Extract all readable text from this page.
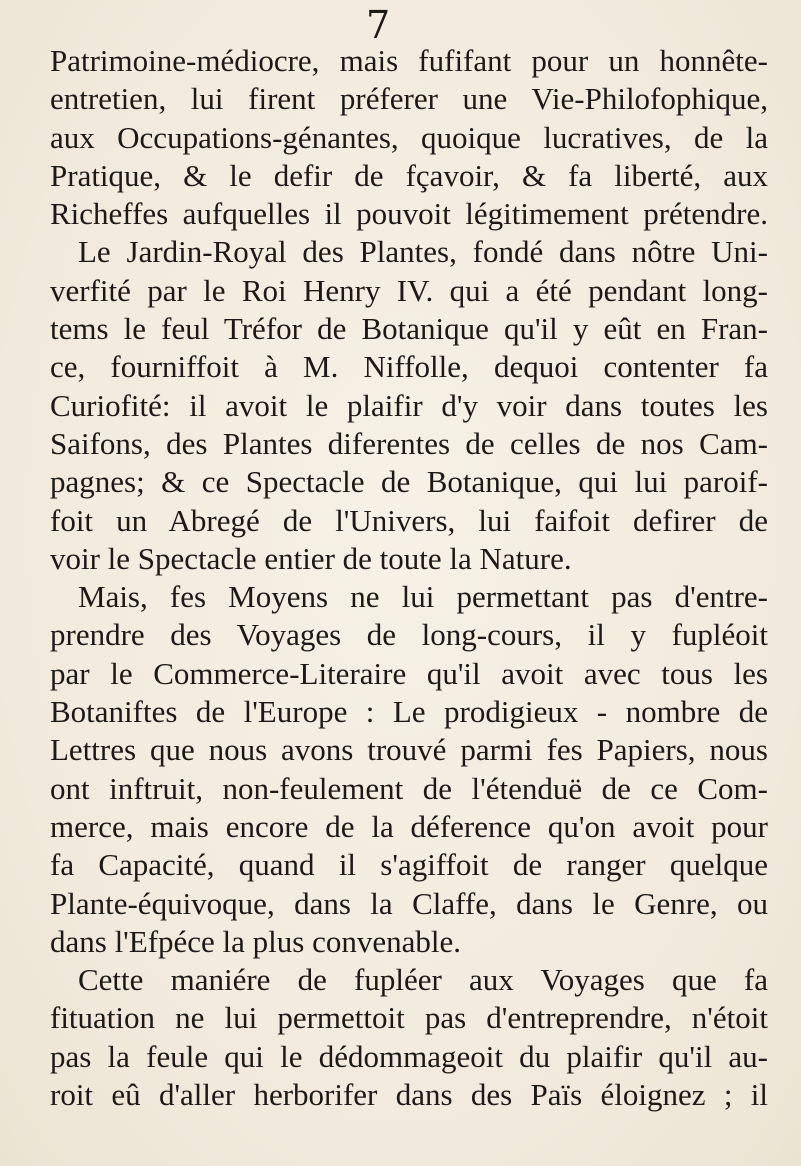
7
Patrimoine-médiocre, mais fufifant pour un honnête-
entretien, lui firent préferer une Vie-Philofophique,
aux Occupations-génantes, quoique lucratives, de la
Pratique, & le defir de fçavoir, & fa liberté, aux
Richeffes aufquelles il pouvoit légitimement prétendre.
Le Jardin-Royal des Plantes, fondé dans nôtre Uni-
verfité par le Roi Henry IV. qui a été pendant long-
tems le feul Tréfor de Botanique qu'il y eût en Fran-
ce, fourniffoit à M. Niffolle, dequoi contenter fa
Curiofité: il avoit le plaifir d'y voir dans toutes les
Saifons, des Plantes diferentes de celles de nos Cam-
pagnes; & ce Spectacle de Botanique, qui lui paroif-
foit un Abregé de l'Univers, lui faifoit defirer de
voir le Spectacle entier de toute la Nature.
Mais, fes Moyens ne lui permettant pas d'entre-
prendre des Voyages de long-cours, il y fupléoit
par le Commerce-Literaire qu'il avoit avec tous les
Botaniftes de l'Europe : Le prodigieux - nombre de
Lettres que nous avons trouvé parmi fes Papiers, nous
ont inftruit, non-feulement de l'étenduë de ce Com-
merce, mais encore de la déference qu'on avoit pour
fa Capacité, quand il s'agiffoit de ranger quelque
Plante-équivoque, dans la Claffe, dans le Genre, ou
dans l'Efpéce la plus convenable.
Cette maniére de fupléer aux Voyages que fa
fituation ne lui permettoit pas d'entreprendre, n'étoit
pas la feule qui le dédommageoit du plaifir qu'il au-
roit eû d'aller herborifer dans des Païs éloignez ; il
